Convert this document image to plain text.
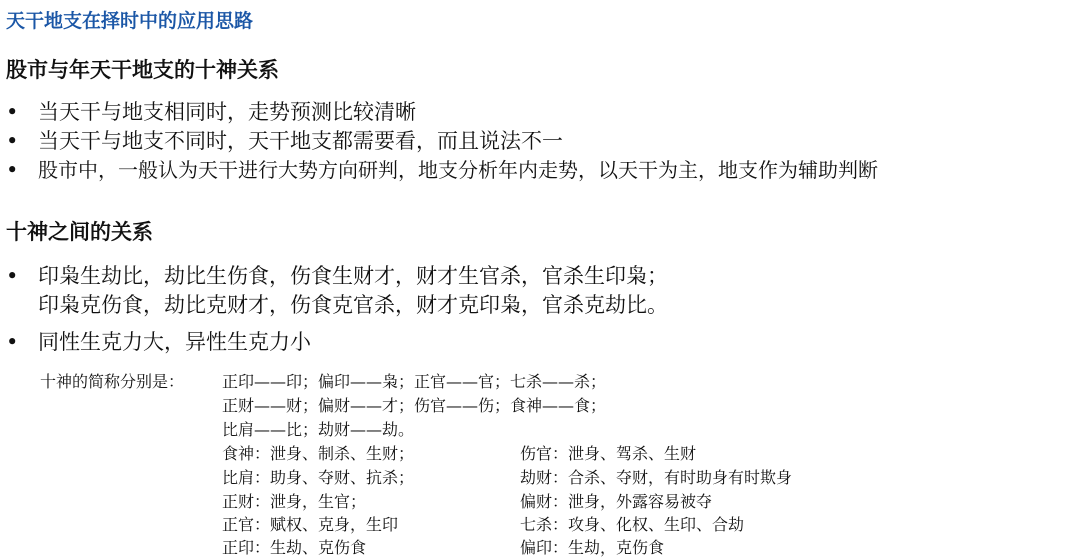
天干地支在择时中的应用思路
股市与年天干地支的十神关系
• 当天干与地支相同时，走势预测比较清晰
• 当天干与地支不同时，天干地支都需要看，而且说法不一
• 股市中，一般认为天干进行大势方向研判，地支分析年内走势，以天干为主，地支作为辅助判断
十神之间的关系
• 印枭生劫比，劫比生伤食，伤食生财才，财才生官杀，官杀生印枭；
印枭克伤食，劫比克财才，伤食克官杀，财才克印枭，官杀克劫比。
• 同性生克力大，异性生克力小
十神的简称分别是： 正印——印；偏印——枭；正官——官；七杀——杀；
正财——财；偏财——才；伤官——伤；食神——食；
比肩——比；劫财——劫。
食神：泄身、制杀、生财；
比肩：助身、夺财、抗杀；
正财：泄身，生官；
正官：赋权、克身，生印
正印：生劫、克伤食
伤官：泄身、驾杀、生财
劫财：合杀、夺财，有时助身有时欺身
偏财：泄身，外露容易被夺
七杀：攻身、化权、生印、合劫
偏印：生劫，克伤食
